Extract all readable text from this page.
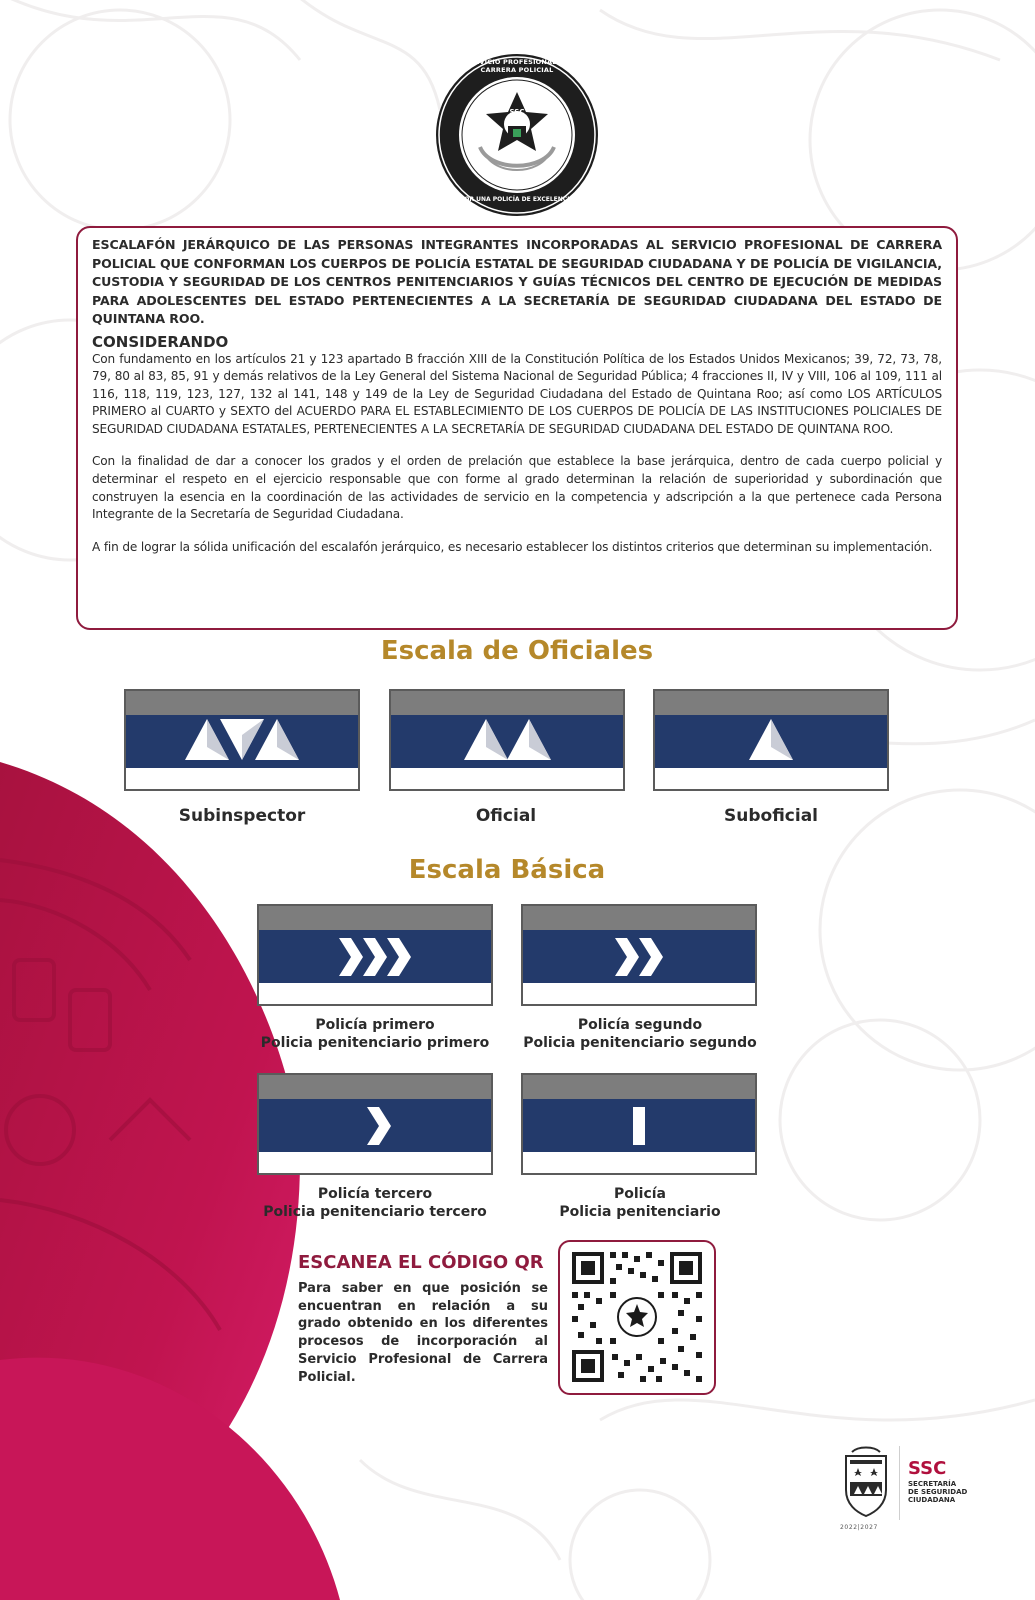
SSC
SERVICIO PROFESIONAL DE CARRERA POLICIAL
POR UNA POLICÍA DE EXCELENCIA

ESCALAFÓN JERÁRQUICO DE LAS PERSONAS INTEGRANTES INCORPORADAS AL SERVICIO PROFESIONAL DE CARRERA POLICIAL QUE CONFORMAN LOS CUERPOS DE POLICÍA ESTATAL DE SEGURIDAD CIUDADANA Y DE POLICÍA DE VIGILANCIA, CUSTODIA Y SEGURIDAD DE LOS CENTROS PENITENCIARIOS Y GUÍAS TÉCNICOS DEL CENTRO DE EJECUCIÓN DE MEDIDAS PARA ADOLESCENTES DEL ESTADO PERTENECIENTES A LA SECRETARÍA DE SEGURIDAD CIUDADANA DEL ESTADO DE QUINTANA ROO.

CONSIDERANDO

Con fundamento en los artículos 21 y 123 apartado B fracción XIII de la Constitución Política de los Estados Unidos Mexicanos; 39, 72, 73, 78, 79, 80 al 83, 85, 91 y demás relativos de la Ley General del Sistema Nacional de Seguridad Pública; 4 fracciones II, IV y VIII, 106 al 109, 111 al 116, 118, 119, 123, 127, 132 al 141, 148 y 149 de la Ley de Seguridad Ciudadana del Estado de Quintana Roo; así como LOS ARTÍCULOS PRIMERO al CUARTO y SEXTO del ACUERDO PARA EL ESTABLECIMIENTO DE LOS CUERPOS DE POLICÍA DE LAS INSTITUCIONES POLICIALES DE SEGURIDAD CIUDADANA ESTATALES, PERTENECIENTES A LA SECRETARÍA DE SEGURIDAD CIUDADANA DEL ESTADO DE QUINTANA ROO.

Con la finalidad de dar a conocer los grados y el orden de prelación que establece la base jerárquica, dentro de cada cuerpo policial y determinar el respeto en el ejercicio responsable que con forme al grado determinan la relación de superioridad y subordinación que construyen la esencia en la coordinación de las actividades de servicio en la competencia y adscripción a la que pertenece cada Persona Integrante de la Secretaría de Seguridad Ciudadana.

A fin de lograr la sólida unificación del escalafón jerárquico, es necesario establecer los distintos criterios que determinan su implementación.

Escala de Oficiales
Subinspector	Oficial	Suboficial
Escala Básica
Policía primero
Policia penitenciario primero
Policía segundo
Policia penitenciario segundo
Policía tercero
Policia penitenciario tercero
Policía
Policia penitenciario
ESCANEA EL CÓDIGO QR
Para saber en que posición se encuentran en relación a su grado obtenido en los diferentes procesos de incorporación al Servicio Profesional de Carrera Policial.
2022|2027
SSC
SECRETARÍA
DE SEGURIDAD
CIUDADANA
